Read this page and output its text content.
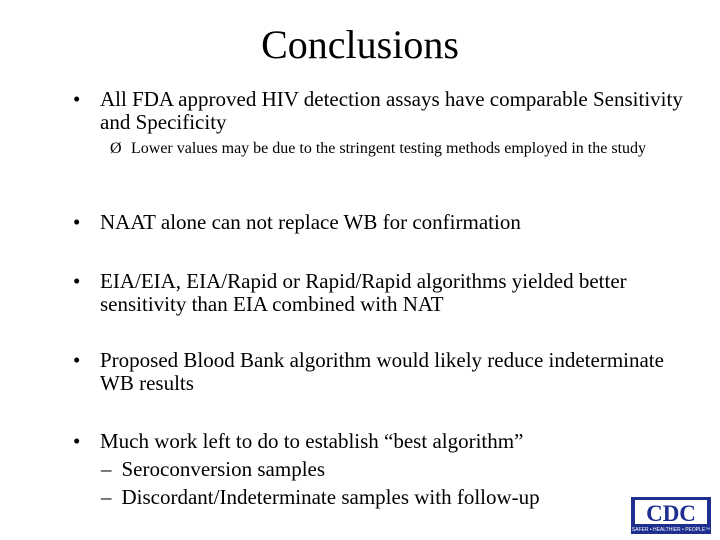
Conclusions
• All FDA approved HIV detection assays have comparable Sensitivity and Specificity
Ø Lower values may be due to the stringent testing methods employed in the study
• NAAT alone can not replace WB for confirmation
• EIA/EIA, EIA/Rapid or Rapid/Rapid algorithms yielded better sensitivity than EIA combined with NAT
• Proposed Blood Bank algorithm would likely reduce indeterminate WB results
• Much work left to do to establish “best algorithm”
– Seroconversion samples
– Discordant/Indeterminate samples with follow-up
CDC
SAFER • HEALTHIER • PEOPLE™
